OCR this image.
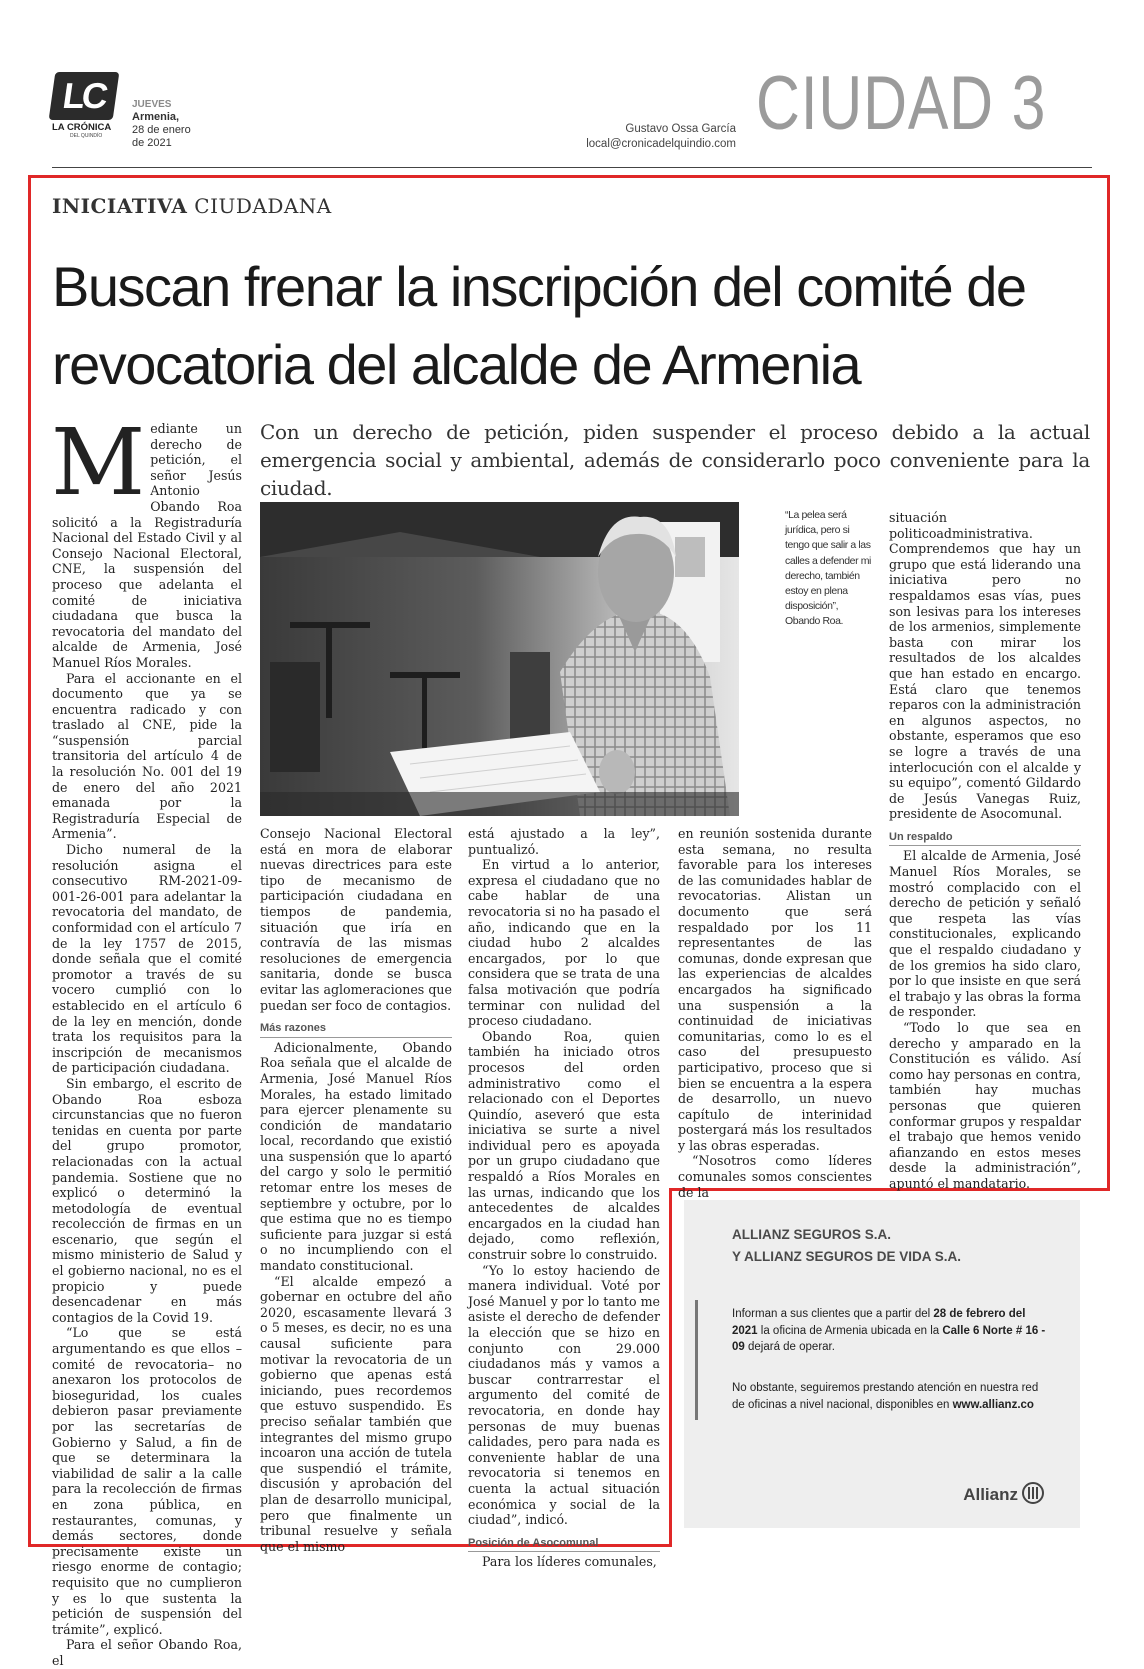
LC
LA CRÓNICA
DEL QUINDÍO
JUEVES
Armenia,
28 de enero
de 2021
Gustavo Ossa García
local@cronicadelquindio.com CIUDAD 3
INICIATIVA CIUDADANA
Buscan frenar la inscripción del comité de revocatoria del alcalde de Armenia
Con un derecho de petición, piden suspender el proceso debido a la actual emergencia social y ambiental, además de considerarlo poco conveniente para la ciudad.

Mediante un derecho de petición, el señor Jesús Antonio Obando Roa solicitó a la Registraduría Nacional del Estado Civil y al Consejo Nacional Electoral, CNE, la suspensión del proceso que adelanta el comité de iniciativa ciudadana que busca la revocatoria del mandato del alcalde de Armenia, José Manuel Ríos Morales.

Para el accionante en el documento que ya se encuentra radicado y con traslado al CNE, pide la “suspensión parcial transitoria del artículo 4 de la resolución No. 001 del 19 de enero del año 2021 emanada por la Registraduría Especial de Armenia”.

Dicho numeral de la resolución asigna el consecutivo RM-2021-09-001-26-001 para adelantar la revocatoria del mandato, de conformidad con el artículo 7 de la ley 1757 de 2015, donde señala que el comité promotor a través de su vocero cumplió con lo establecido en el artículo 6 de la ley en mención, donde trata los requisitos para la inscripción de mecanismos de participación ciudadana.

Sin embargo, el escrito de Obando Roa esboza circunstancias que no fueron tenidas en cuenta por parte del grupo promotor, relacionadas con la actual pandemia. Sostiene que no explicó o determinó la metodología de eventual recolección de firmas en un escenario, que según el mismo ministerio de Salud y el gobierno nacional, no es el propicio y puede desencadenar en más contagios de la Covid 19.

“Lo que se está argumentando es que ellos –comité de revocatoria– no anexaron los protocolos de bioseguridad, los cuales debieron pasar previamente por las secretarías de Gobierno y Salud, a fin de que se determinara la viabilidad de salir a la calle para la recolección de firmas en zona pública, en restaurantes, comunas, y demás sectores, donde precisamente existe un riesgo enorme de contagio; requisito que no cumplieron y es lo que sustenta la petición de suspensión del trámite”, explicó.

Para el señor Obando Roa, el

“La pelea será jurídica, pero si tengo que salir a las calles a defender mi derecho, también estoy en plena disposición”, Obando Roa.

Consejo Nacional Electoral está en mora de elaborar nuevas directrices para este tipo de mecanismo de participación ciudadana en tiempos de pandemia, situación que iría en contravía de las mismas resoluciones de emergencia sanitaria, donde se busca evitar las aglomeraciones que puedan ser foco de contagios.

Más razones

Adicionalmente, Obando Roa señala que el alcalde de Armenia, José Manuel Ríos Morales, ha estado limitado para ejercer plenamente su condición de mandatario local, recordando que existió una suspensión que lo apartó del cargo y solo le permitió retomar entre los meses de septiembre y octubre, por lo que estima que no es tiempo suficiente para juzgar si está o no incumpliendo con el mandato constitucional.

“El alcalde empezó a gobernar en octubre del año 2020, escasamente llevará 3 o 5 meses, es decir, no es una causal suficiente para motivar la revocatoria de un gobierno que apenas está iniciando, pues recordemos que estuvo suspendido. Es preciso señalar también que integrantes del mismo grupo incoaron una acción de tutela que suspendió el trámite, discusión y aprobación del plan de desarrollo municipal, pero que finalmente un tribunal resuelve y señala que el mismo

está ajustado a la ley”, puntualizó.

En virtud a lo anterior, expresa el ciudadano que no cabe hablar de una revocatoria si no ha pasado el año, indicando que en la ciudad hubo 2 alcaldes encargados, por lo que considera que se trata de una falsa motivación que podría terminar con nulidad del proceso ciudadano.

Obando Roa, quien también ha iniciado otros procesos del orden administrativo como el relacionado con el Deportes Quindío, aseveró que esta iniciativa se surte a nivel individual pero es apoyada por un grupo ciudadano que respaldó a Ríos Morales en las urnas, indicando que los antecedentes de alcaldes encargados en la ciudad han dejado, como reflexión, construir sobre lo construido.

“Yo lo estoy haciendo de manera individual. Voté por José Manuel y por lo tanto me asiste el derecho de defender la elección que se hizo en conjunto con 29.000 ciudadanos más y vamos a buscar contrarrestar el argumento del comité de revocatoria, en donde hay personas de muy buenas calidades, pero para nada es conveniente hablar de una revocatoria si tenemos en cuenta la actual situación económica y social de la ciudad”, indicó.

Posición de Asocomunal

Para los líderes comunales,

en reunión sostenida durante esta semana, no resulta favorable para los intereses de las comunidades hablar de revocatorias. Alistan un documento que será respaldado por los 11 representantes de las comunas, donde expresan que las experiencias de alcaldes encargados ha significado una suspensión a la continuidad de iniciativas comunitarias, como lo es el caso del presupuesto participativo, proceso que si bien se encuentra a la espera de desarrollo, un nuevo capítulo de interinidad postergará más los resultados y las obras esperadas.

“Nosotros como líderes comunales somos conscientes de la

situación politicoadministrativa. Comprendemos que hay un grupo que está liderando una iniciativa pero no respaldamos esas vías, pues son lesivas para los intereses de los armenios, simplemente basta con mirar los resultados de los alcaldes que han estado en encargo. Está claro que tenemos reparos con la administración en algunos aspectos, no obstante, esperamos que eso se logre a través de una interlocución con el alcalde y su equipo”, comentó Gildardo de Jesús Vanegas Ruiz, presidente de Asocomunal.

Un respaldo

El alcalde de Armenia, José Manuel Ríos Morales, se mostró complacido con el derecho de petición y señaló que respeta las vías constitucionales, explicando que el respaldo ciudadano y de los gremios ha sido claro, por lo que insiste en que será el trabajo y las obras la forma de responder.

“Todo lo que sea en derecho y amparado en la Constitución es válido. Así como hay personas en contra, también hay muchas personas que quieren conformar grupos y respaldar el trabajo que hemos venido afianzando en estos meses desde la administración”, apuntó el mandatario.

ALLIANZ SEGUROS S.A.
Y ALLIANZ SEGUROS DE VIDA S.A.
Informan a sus clientes que a partir del 28 de febrero del 2021 la oficina de Armenia ubicada en la Calle 6 Norte # 16 - 09 dejará de operar.
No obstante, seguiremos prestando atención en nuestra red de oficinas a nivel nacional, disponibles en www.allianz.co
Allianz
